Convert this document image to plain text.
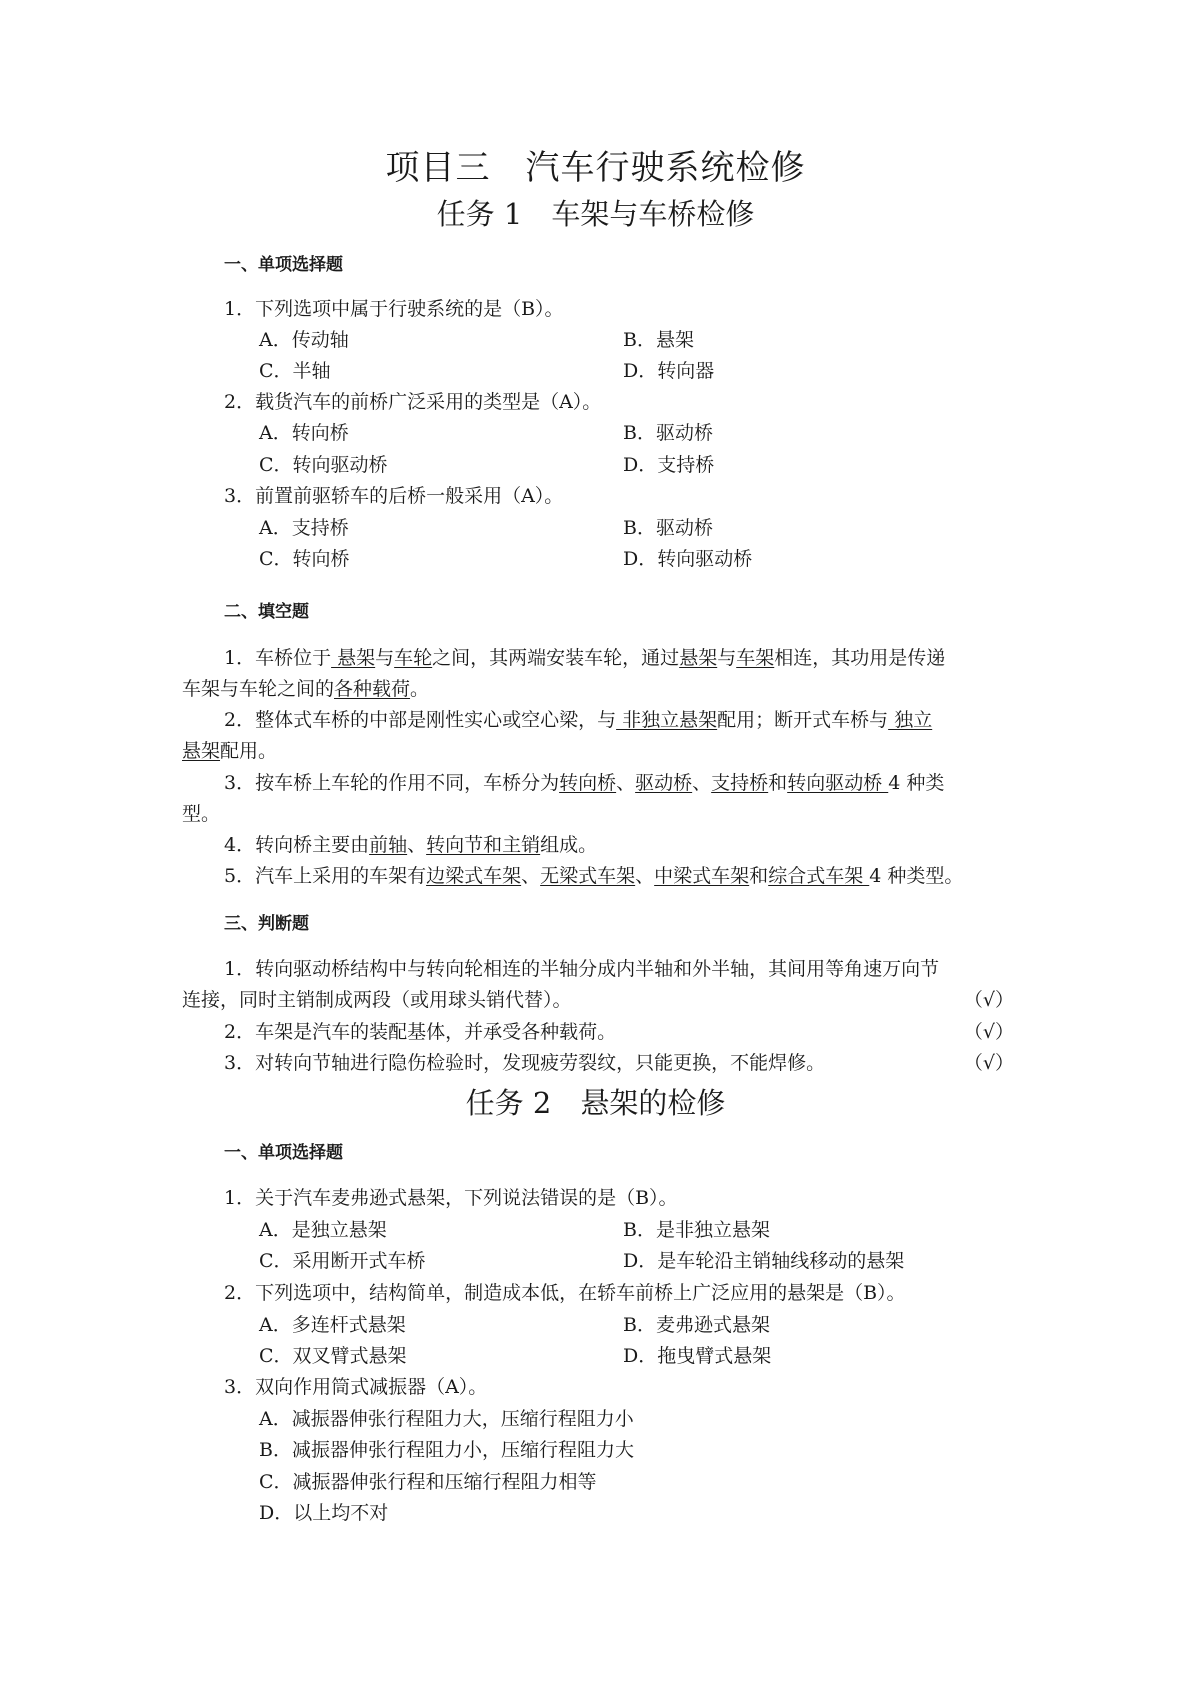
项目三　汽车行驶系统检修
任务 1　车架与车桥检修
一、单项选择题
1．下列选项中属于行驶系统的是（B）。
A．传动轴	B．悬架
C．半轴	D．转向器
2．载货汽车的前桥广泛采用的类型是（A）。
A．转向桥	B．驱动桥
C．转向驱动桥	D．支持桥
3．前置前驱轿车的后桥一般采用（A）。
A．支持桥	B．驱动桥
C．转向桥	D．转向驱动桥
二、填空题
1．车桥位于 悬架与车轮之间，其两端安装车轮，通过悬架与车架相连，其功用是传递
车架与车轮之间的各种载荷。
2．整体式车桥的中部是刚性实心或空心梁，与 非独立悬架配用；断开式车桥与 独立
悬架配用。
3．按车桥上车轮的作用不同，车桥分为转向桥、驱动桥、支持桥和转向驱动桥 4 种类
型。
4．转向桥主要由前轴、转向节和主销组成。
5．汽车上采用的车架有边梁式车架、无梁式车架、中梁式车架和综合式车架 4 种类型。
三、判断题
1．转向驱动桥结构中与转向轮相连的半轴分成内半轴和外半轴，其间用等角速万向节
连接，同时主销制成两段（或用球头销代替）。	（√）
2．车架是汽车的装配基体，并承受各种载荷。	（√）
3．对转向节轴进行隐伤检验时，发现疲劳裂纹，只能更换，不能焊修。	（√）
任务 2　悬架的检修
一、单项选择题
1．关于汽车麦弗逊式悬架，下列说法错误的是（B）。
A．是独立悬架	B．是非独立悬架
C．采用断开式车桥	D．是车轮沿主销轴线移动的悬架
2．下列选项中，结构简单，制造成本低，在轿车前桥上广泛应用的悬架是（B）。
A．多连杆式悬架	B．麦弗逊式悬架
C．双叉臂式悬架	D．拖曳臂式悬架
3．双向作用筒式减振器（A）。
A．减振器伸张行程阻力大，压缩行程阻力小
B．减振器伸张行程阻力小，压缩行程阻力大
C．减振器伸张行程和压缩行程阻力相等
D．以上均不对
